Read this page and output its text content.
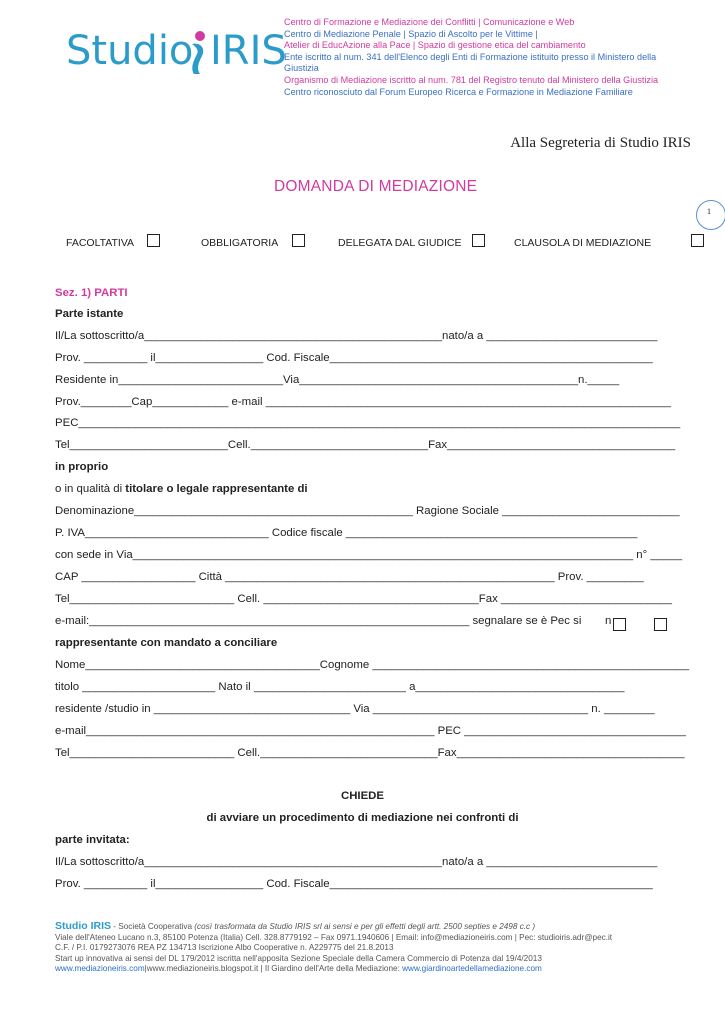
Studio IRIS
Centro di Formazione e Mediazione dei Conflitti | Comunicazione e Web
Centro di Mediazione Penale | Spazio di Ascolto per le Vittime |
Atelier di EducAzione alla Pace | Spazio di gestione etica del cambiamento
Ente iscritto al num. 341 dell'Elenco degli Enti di Formazione istituito presso il Ministero della
Giustizia
Organismo di Mediazione iscritto al num. 781 del Registro tenuto dal Ministero della Giustizia
Centro riconosciuto dal Forum Europeo Ricerca e Formazione in Mediazione Familiare
Alla Segreteria di Studio IRIS
DOMANDA DI MEDIAZIONE
1
FACOLTATIVA	OBBLIGATORIA	DELEGATA DAL GIUDICE	CLAUSOLA DI MEDIAZIONE
Sez. 1) PARTI
Parte istante
Il/La sottoscritto/a_______________________________________________nato/a a ___________________________
Prov. __________ il_________________ Cod. Fiscale___________________________________________________
Residente in__________________________Via____________________________________________n._____
Prov.________Cap____________ e-mail ________________________________________________________________
PEC_______________________________________________________________________________________________
Tel_________________________Cell.____________________________Fax____________________________________
in proprio
o in qualità di titolare o legale rappresentante di
Denominazione____________________________________________ Ragione Sociale ____________________________
P. IVA_____________________________ Codice fiscale ______________________________________________
con sede in Via_______________________________________________________________________________ n° _____
CAP __________________ Città ____________________________________________________ Prov. _________
Tel__________________________ Cell. __________________________________Fax ___________________________
e-mail:____________________________________________________________ segnalare se è Pec si n
rappresentante con mandato a conciliare
Nome_____________________________________Cognome __________________________________________________
titolo _____________________ Nato il ________________________ a_________________________________
residente /studio in _______________________________ Via __________________________________ n. ________
e-mail_______________________________________________________ PEC ___________________________________
Tel__________________________ Cell.____________________________Fax____________________________________
CHIEDE
di avviare un procedimento di mediazione nei confronti di
parte invitata:
Il/La sottoscritto/a_______________________________________________nato/a a ___________________________
Prov. __________ il_________________ Cod. Fiscale___________________________________________________
Studio IRIS - Società Cooperativa (così trasformata da Studio IRIS srl ai sensi e per gli effetti degli artt. 2500 septies e 2498 c.c )
Viale dell'Ateneo Lucano n.3, 85100 Potenza (Italia) Cell. 328.8779192 – Fax 0971.1940606 | Email: info@mediazioneiris.com | Pec: studioiris.adr@pec.it
C.F. / P.I. 0179273076 REA PZ 134713 Iscrizione Albo Cooperative n. A229775 del 21.8.2013
Start up innovativa ai sensi del DL 179/2012 iscritta nell'apposita Sezione Speciale della Camera Commercio di Potenza dal 19/4/2013
www.mediazioneiris.com|www.mediazioneiris.blogspot.it | Il Giardino dell'Arte della Mediazione: www.giardinoartedellamediazione.com
